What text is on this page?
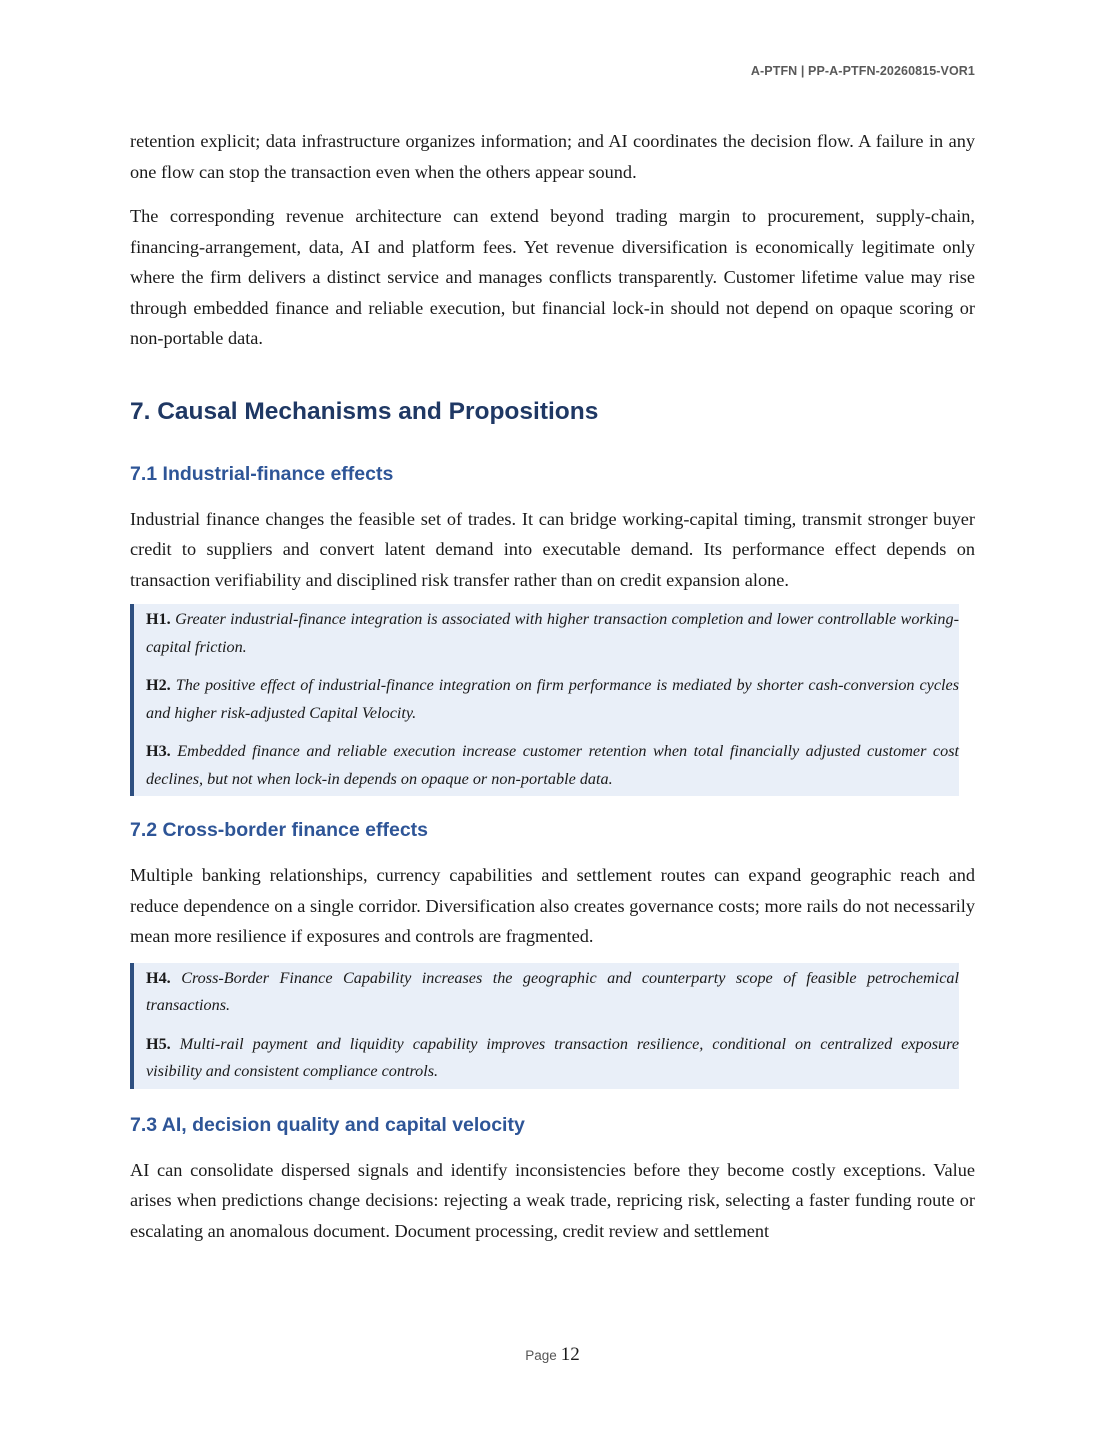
A-PTFN | PP-A-PTFN-20260815-VOR1

retention explicit; data infrastructure organizes information; and AI coordinates the decision flow. A failure in any one flow can stop the transaction even when the others appear sound.

The corresponding revenue architecture can extend beyond trading margin to procurement, supply-chain, financing-arrangement, data, AI and platform fees. Yet revenue diversification is economically legitimate only where the firm delivers a distinct service and manages conflicts transparently. Customer lifetime value may rise through embedded finance and reliable execution, but financial lock-in should not depend on opaque scoring or non-portable data.

7. Causal Mechanisms and Propositions
7.1 Industrial-finance effects

Industrial finance changes the feasible set of trades. It can bridge working-capital timing, transmit stronger buyer credit to suppliers and convert latent demand into executable demand. Its performance effect depends on transaction verifiability and disciplined risk transfer rather than on credit expansion alone.

H1. Greater industrial-finance integration is associated with higher transaction completion and lower controllable working-capital friction.

H2. The positive effect of industrial-finance integration on firm performance is mediated by shorter cash-conversion cycles and higher risk-adjusted Capital Velocity.

H3. Embedded finance and reliable execution increase customer retention when total financially adjusted customer cost declines, but not when lock-in depends on opaque or non-portable data.

7.2 Cross-border finance effects

Multiple banking relationships, currency capabilities and settlement routes can expand geographic reach and reduce dependence on a single corridor. Diversification also creates governance costs; more rails do not necessarily mean more resilience if exposures and controls are fragmented.

H4. Cross-Border Finance Capability increases the geographic and counterparty scope of feasible petrochemical transactions.

H5. Multi-rail payment and liquidity capability improves transaction resilience, conditional on centralized exposure visibility and consistent compliance controls.

7.3 AI, decision quality and capital velocity

AI can consolidate dispersed signals and identify inconsistencies before they become costly exceptions. Value arises when predictions change decisions: rejecting a weak trade, repricing risk, selecting a faster funding route or escalating an anomalous document. Document processing, credit review and settlement

Page 12
